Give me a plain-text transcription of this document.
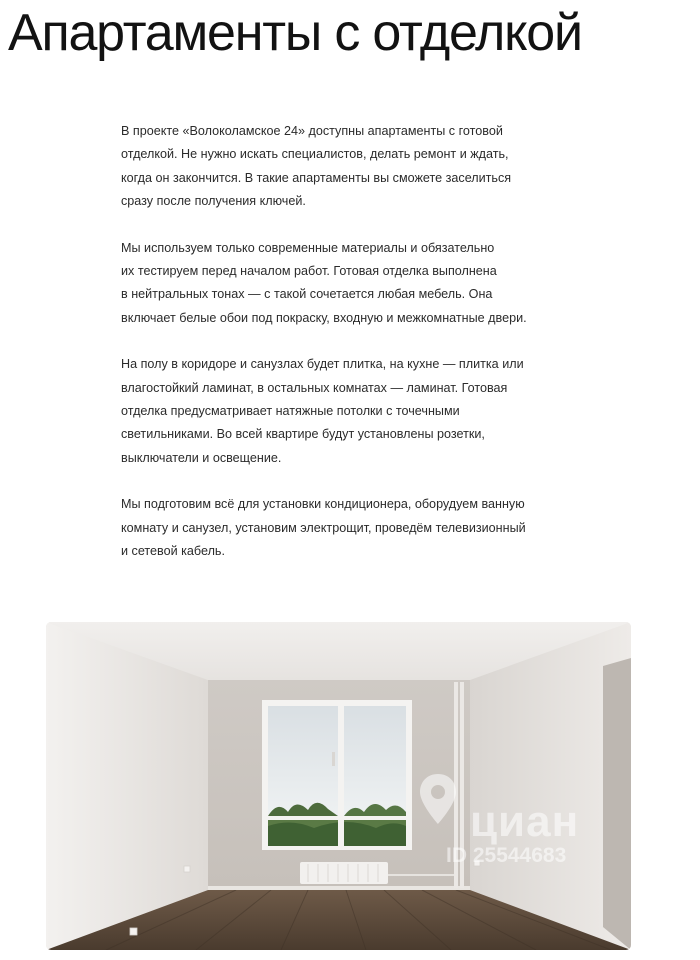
Апартаменты с отделкой

В проекте «Волоколамское 24» доступны апартаменты с готовой
отделкой. Не нужно искать специалистов, делать ремонт и ждать,
когда он закончится. В такие апартаменты вы сможете заселиться
сразу после получения ключей.

Мы используем только современные материалы и обязательно
их тестируем перед началом работ. Готовая отделка выполнена
в нейтральных тонах — с такой сочетается любая мебель. Она
включает белые обои под покраску, входную и межкомнатные двери.

На полу в коридоре и санузлах будет плитка, на кухне — плитка или
влагостойкий ламинат, в остальных комнатах — ламинат. Готовая
отделка предусматривает натяжные потолки с точечными
светильниками. Во всей квартире будут установлены розетки,
выключатели и освещение.

Мы подготовим всё для установки кондиционера, оборудуем ванную
комнату и санузел, установим электрощит, проведём телевизионный
и сетевой кабель.

циан
ID 25544683
